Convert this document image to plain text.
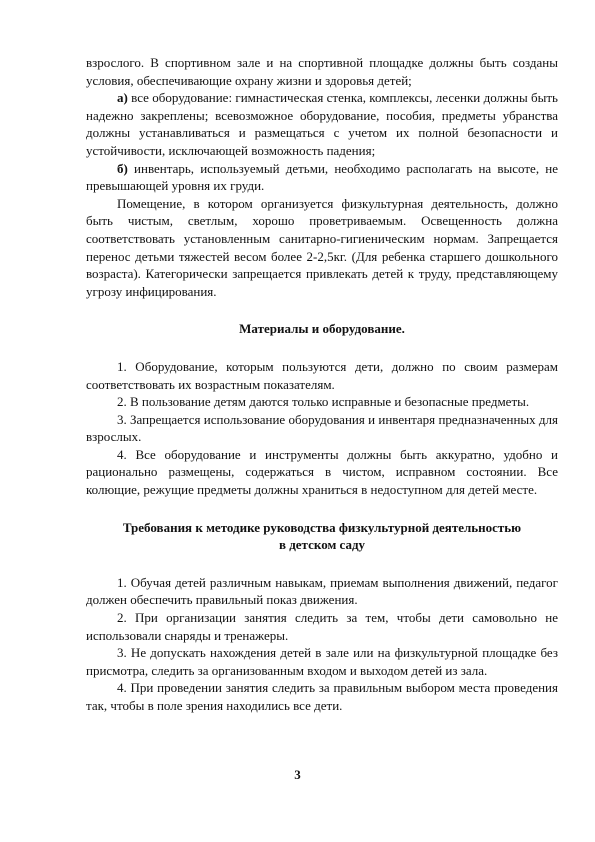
взрослого. В спортивном зале и на спортивной площадке должны быть созданы условия, обеспечивающие охрану жизни и здоровья детей;

а) все оборудование: гимнастическая стенка, комплексы, лесенки должны быть надежно закреплены; всевозможное оборудование, пособия, предметы убранства должны устанавливаться и размещаться с учетом их полной безопасности и устойчивости, исключающей возможность падения;

б) инвентарь, используемый детьми, необходимо располагать на высоте, не превышающей уровня их груди.

Помещение, в котором организуется физкультурная деятельность, должно быть чистым, светлым, хорошо проветриваемым. Освещенность должна соответствовать установленным санитарно-гигиеническим нормам. Запрещается перенос детьми тяжестей весом более 2-2,5кг. (Для ребенка старшего дошкольного возраста). Категорически запрещается привлекать детей к труду, представляющему угрозу инфицирования.

Материалы и оборудование.

1. Оборудование, которым пользуются дети, должно по своим размерам соответствовать их возрастным показателям.

2. В пользование детям даются только исправные и безопасные предметы.

3. Запрещается использование оборудования и инвентаря предназначенных для взрослых.

4. Все оборудование и инструменты должны быть аккуратно, удобно и рационально размещены, содержаться в чистом, исправном состоянии. Все колющие, режущие предметы должны храниться в недоступном для детей месте.

Требования к методике руководства физкультурной деятельностью
в детском саду

1. Обучая детей различным навыкам, приемам выполнения движений, педагог должен обеспечить правильный показ движения.

2. При организации занятия следить за тем, чтобы дети самовольно не использовали снаряды и тренажеры.

3. Не допускать нахождения детей в зале или на физкультурной площадке без присмотра, следить за организованным входом и выходом детей из зала.

4. При проведении занятия следить за правильным выбором места проведения так, чтобы в поле зрения находились все дети.

3
